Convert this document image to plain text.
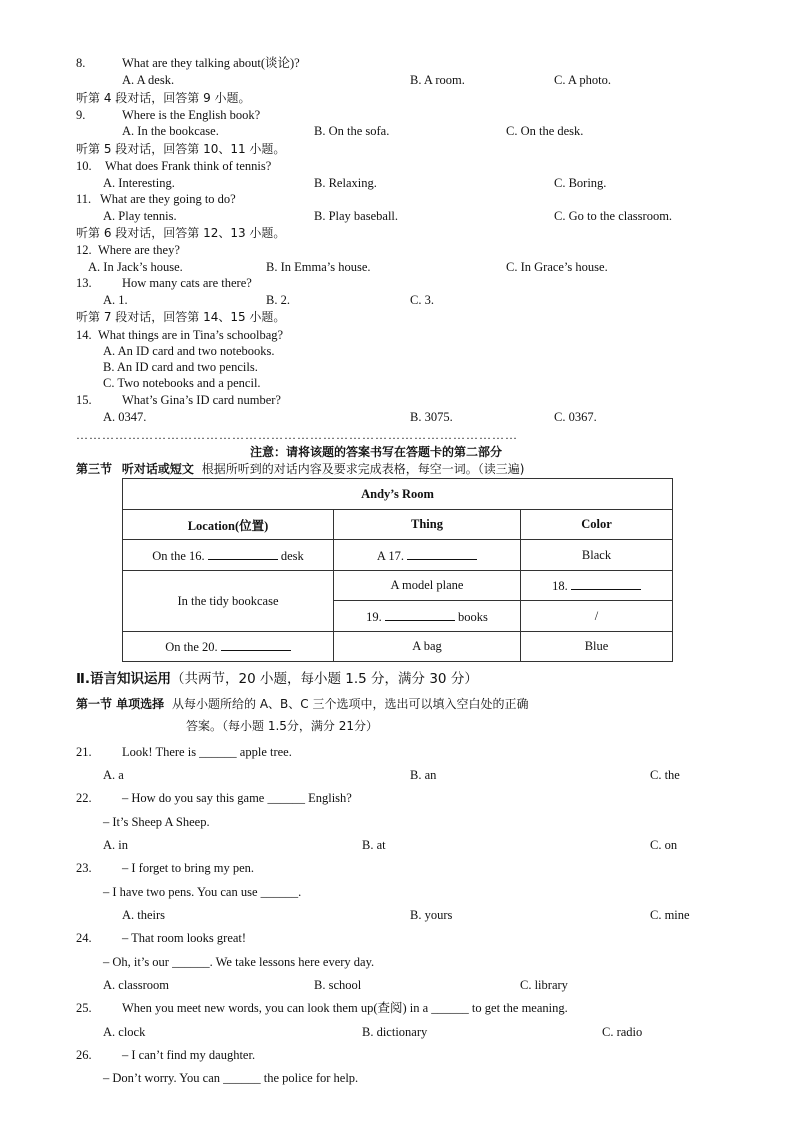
8.	What are they talking about(谈论)?
A. A desk.	B. A room.	C. A photo.
听第 4 段对话，回答第 9 小题。
9.	Where is the English book?
A. In the bookcase.	B. On the sofa.	C. On the desk.
听第 5 段对话，回答第 10、11 小题。
10. What does Frank think of tennis?
A. Interesting.	B. Relaxing.	C. Boring.
11. What are they going to do?
A. Play tennis.	B. Play baseball.	C. Go to the classroom.
听第 6 段对话，回答第 12、13 小题。
12. Where are they?
A. In Jack’s house.	B. In Emma’s house.	C. In Grace’s house.
13. How many cats are there?
A. 1.	B. 2.	C. 3.
听第 7 段对话，回答第 14、15 小题。
14. What things are in Tina’s schoolbag?
A. An ID card and two notebooks.
B. An ID card and two pencils.
C. Two notebooks and a pencil.
15. What’s Gina’s ID card number?
A. 0347.	B. 3075.	C. 0367.
…………………………………………………………………………………………
注意：请将该题的答案书写在答题卡的第二部分
第三节 听对话或短文 根据所听到的对话内容及要求完成表格，每空一词。（读三遍)
Andy’s Room		
Location(位置)	Thing	Color
On the 16. desk	A 17.	Black
In the tidy bookcase	A model plane	18.
	19. books	/
On the 20.	A bag	Blue
Ⅱ.语言知识运用（共两节，20 小题，每小题 1.5 分，满分 30 分）
第一节 单项选择 从每小题所给的 A、B、C 三个选项中，选出可以填入空白处的正确
答案。（每小题 1.5分，满分 21分）
21. Look! There is ______ apple tree.
A. a	B. an	C. the
22. – How do you say this game ______ English?
– It’s Sheep A Sheep.
A. in	B. at	C. on
23. – I forget to bring my pen.
– I have two pens. You can use ______.
A. theirs	B. yours	C. mine
24. – That room looks great!
– Oh, it’s our ______. We take lessons here every day.
A. classroom	B. school	C. library
25. When you meet new words, you can look them up(查阅) in a ______ to get the meaning.
A. clock	B. dictionary	C. radio
26. – I can’t find my daughter.
– Don’t worry. You can ______ the police for help.
